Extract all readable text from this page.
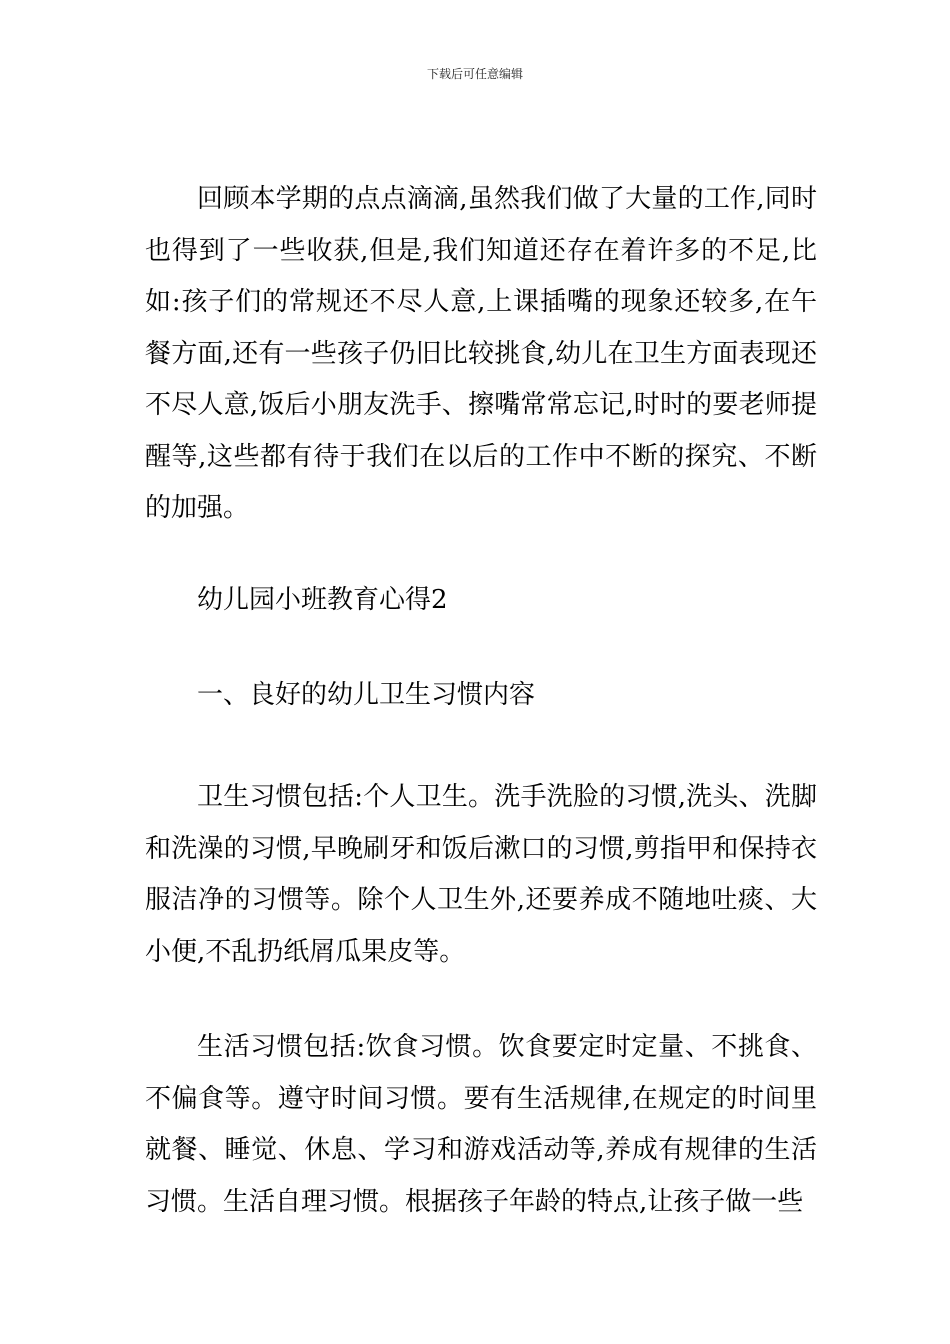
下载后可任意编辑

回顾本学期的点点滴滴,虽然我们做了大量的工作,同时也得到了一些收获,但是,我们知道还存在着许多的不足,比如:孩子们的常规还不尽人意,上课插嘴的现象还较多,在午餐方面,还有一些孩子仍旧比较挑食,幼儿在卫生方面表现还不尽人意,饭后小朋友洗手、擦嘴常常忘记,时时的要老师提醒等,这些都有待于我们在以后的工作中不断的探究、不断的加强。

幼儿园小班教育心得2

一、良好的幼儿卫生习惯内容

卫生习惯包括:个人卫生。洗手洗脸的习惯,洗头、洗脚和洗澡的习惯,早晚刷牙和饭后漱口的习惯,剪指甲和保持衣服洁净的习惯等。除个人卫生外,还要养成不随地吐痰、大小便,不乱扔纸屑瓜果皮等。

生活习惯包括:饮食习惯。饮食要定时定量、不挑食、不偏食等。遵守时间习惯。要有生活规律,在规定的时间里就餐、睡觉、休息、学习和游戏活动等,养成有规律的生活习惯。生活自理习惯。根据孩子年龄的特点,让孩子做一些
